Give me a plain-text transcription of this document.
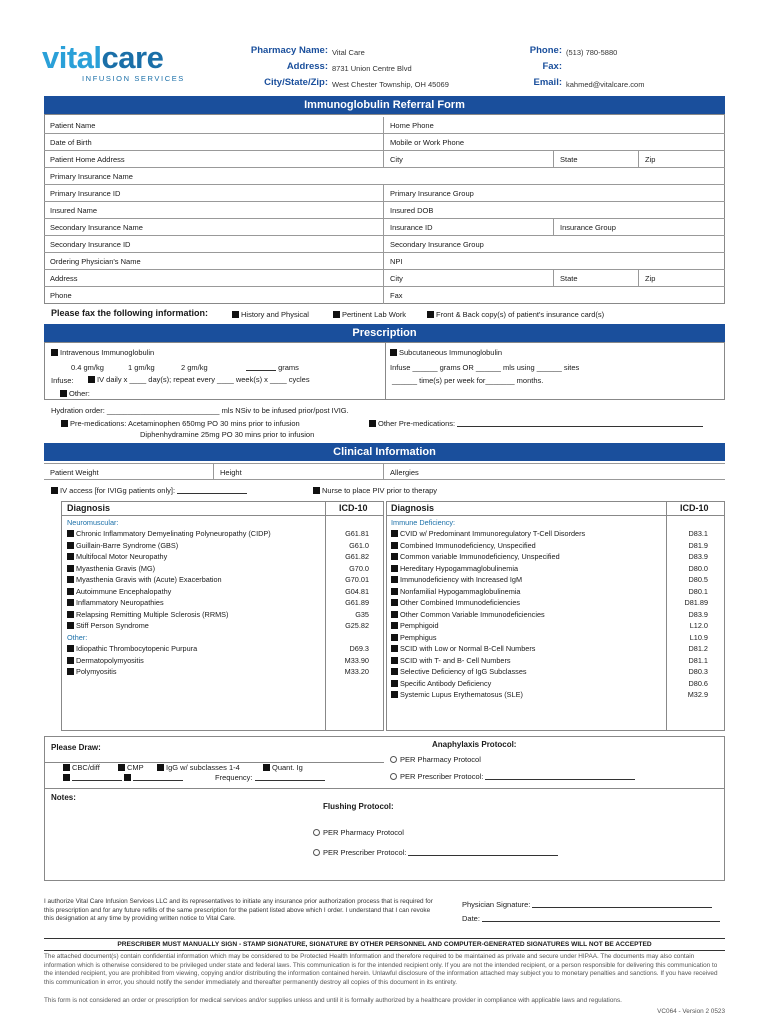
vitalcare
INFUSION SERVICES
Pharmacy Name: Vital Care
Address: 8731 Union Centre Blvd
City/State/Zip: West Chester Township, OH 45069
Phone: (513) 780-5880
Fax:
Email: kahmed@vitalcare.com
Immunoglobulin Referral Form
Patient Name	Home Phone
Date of Birth	Mobile or Work Phone
Patient Home Address	City	State	Zip
Primary Insurance Name
Primary Insurance ID	Primary Insurance Group
Insured Name	Insured DOB
Secondary Insurance Name	Insurance ID	Insurance Group
Secondary Insurance ID	Secondary Insurance Group
Ordering Physician's Name	NPI
Address	City	State	Zip
Phone	Fax
Please fax the following information:	History and Physical	Pertinent Lab Work	Front & Back copy(s) of patient's insurance card(s)
Prescription
Intravenous Immunoglobulin	Subcutaneous Immunoglobulin
0.4 gm/kg	1 gm/kg	2 gm/kg	grams
Infuse:	IV daily x ____ day(s); repeat every ____ week(s) x ____ cycles
Other:
Infuse ______ grams OR ______ mls using ______ sites
______ time(s) per week for_______ months.
Hydration order: ___________________________ mls NSiv to be infused prior/post IVIG.
Pre-medications: Acetaminophen 650mg PO 30 mins prior to infusion
Diphenhydramine 25mg PO 30 mins prior to infusion
Other Pre-medications:
Clinical Information
Patient Weight	Height	Allergies
IV access [for IVIGg patients only]:	Nurse to place PIV prior to therapy
Diagnosis	ICD-10
Neuromuscular:
Chronic Inflammatory Demyelinating Polyneuropathy (CIDP)	G61.81
Guillain-Barre Syndrome (GBS)	G61.0
Multifocal Motor Neuropathy	G61.82
Myasthenia Gravis (MG)	G70.0
Myasthenia Gravis with (Acute) Exacerbation	G70.01
Autoimmune Encephalopathy	G04.81
Inflammatory Neuropathies	G61.89
Relapsing Remitting Multiple Sclerosis (RRMS)	G35
Stiff Person Syndrome	G25.82
Other:
Idiopathic Thrombocytopenic Purpura	D69.3
Dermatopolymyositis	M33.90
Polymyositis	M33.20
Diagnosis	ICD-10
Immune Deficiency:
CVID w/ Predominant Immunoregulatory T-Cell Disorders	D83.1
Combined Immunodeficiency, Unspecified	D81.9
Common variable Immunodeficiency, Unspecified	D83.9
Hereditary Hypogammaglobulinemia	D80.0
Immunodeficiency with Increased IgM	D80.5
Nonfamilial Hypogammaglobulinemia	D80.1
Other Combined Immunodeficiencies	D81.89
Other Common Variable Immunodeficiencies	D83.9
Pemphigoid	L12.0
Pemphigus	L10.9
SCID with Low or Normal B-Cell Numbers	D81.2
SCID with T- and B- Cell Numbers	D81.1
Selective Deficiency of IgG Subclasses	D80.3
Specific Antibody Deficiency	D80.6
Systemic Lupus Erythematosus (SLE)	M32.9
Please Draw:
CBC/diff	CMP	IgG w/ subclasses 1-4	Quant. Ig

Frequency:
Anaphylaxis Protocol:
PER Pharmacy Protocol
PER Prescriber Protocol:
Notes:
Flushing Protocol:
PER Pharmacy Protocol
PER Prescriber Protocol:
I authorize Vital Care Infusion Services LLC and its representatives to initiate any insurance prior authorization process that is required for this prescription and for any future refills of the same prescription for the patient listed above which I order. I understand that I can revoke this designation at any time by providing written notice to Vital Care.
Physician Signature:
Date:
PRESCRIBER MUST MANUALLY SIGN - STAMP SIGNATURE, SIGNATURE BY OTHER PERSONNEL AND COMPUTER-GENERATED SIGNATURES WILL NOT BE ACCEPTED
The attached document(s) contain confidential information which may be considered to be Protected Health Information and therefore required to be maintained as private and secure under HIPAA. The documents may also contain information which is otherwise considered to be privileged under state and federal laws. This communication is for the intended recipient only. If you are not the intended recipient, or a person responsible for delivering this communication to the intended recipient, you are prohibited from viewing, copying and/or distributing the information contained herein. Unlawful disclosure of the information attached may subject you to monetary penalties and sanctions. If you have received this communication in error, you should notify the sender immediately and thereafter permanently destroy all copies of this document in its entirety.
This form is not considered an order or prescription for medical services and/or supplies unless and until it is formally authorized by a healthcare provider in compliance with applicable laws and regulations.
VC064 - Version 2 0523
